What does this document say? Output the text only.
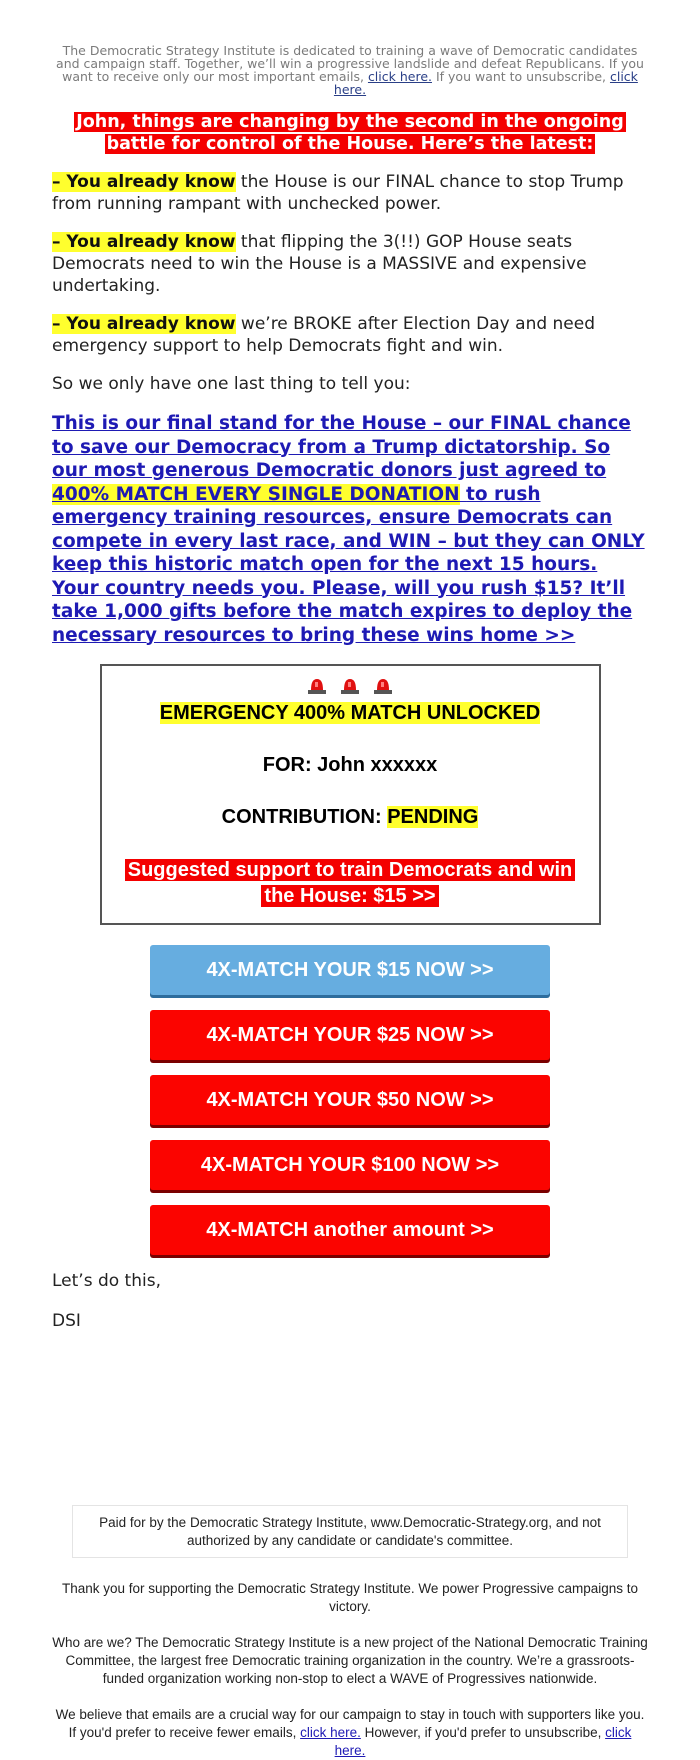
The Democratic Strategy Institute is dedicated to training a wave of Democratic candidates and campaign staff. Together, we’ll win a progressive landslide and defeat Republicans. If you want to receive only our most important emails, click here. If you want to unsubscribe, click here.
John, things are changing by the second in the ongoing battle for control of the House. Here’s the latest:

– You already know the House is our FINAL chance to stop Trump from running rampant with unchecked power.

– You already know that flipping the 3(!!) GOP House seats Democrats need to win the House is a MASSIVE and expensive undertaking.

– You already know we’re BROKE after Election Day and need emergency support to help Democrats fight and win.

So we only have one last thing to tell you:

This is our final stand for the House – our FINAL chance to save our Democracy from a Trump dictatorship. So our most generous Democratic donors just agreed to 400% MATCH EVERY SINGLE DONATION to rush emergency training resources, ensure Democrats can compete in every last race, and WIN – but they can ONLY keep this historic match open for the next 15 hours. Your country needs you. Please, will you rush $15? It’ll take 1,000 gifts before the match expires to deploy the necessary resources to bring these wins home >>

EMERGENCY 400% MATCH UNLOCKED
FOR: John xxxxxx
CONTRIBUTION: PENDING
Suggested support to train Democrats and win the House: $15 >>
4X-MATCH YOUR $15 NOW >>
4X-MATCH YOUR $25 NOW >>
4X-MATCH YOUR $50 NOW >>
4X-MATCH YOUR $100 NOW >>
4X-MATCH another amount >>

Let’s do this,

DSI

Paid for by the Democratic Strategy Institute, www.Democratic-Strategy.org, and not authorized by any candidate or candidate's committee.

Thank you for supporting the Democratic Strategy Institute. We power Progressive campaigns to victory.

Who are we? The Democratic Strategy Institute is a new project of the National Democratic Training Committee, the largest free Democratic training organization in the country. We’re a grassroots-funded organization working non-stop to elect a WAVE of Progressives nationwide.

We believe that emails are a crucial way for our campaign to stay in touch with supporters like you. If you'd prefer to receive fewer emails, click here. However, if you'd prefer to unsubscribe, click here.
